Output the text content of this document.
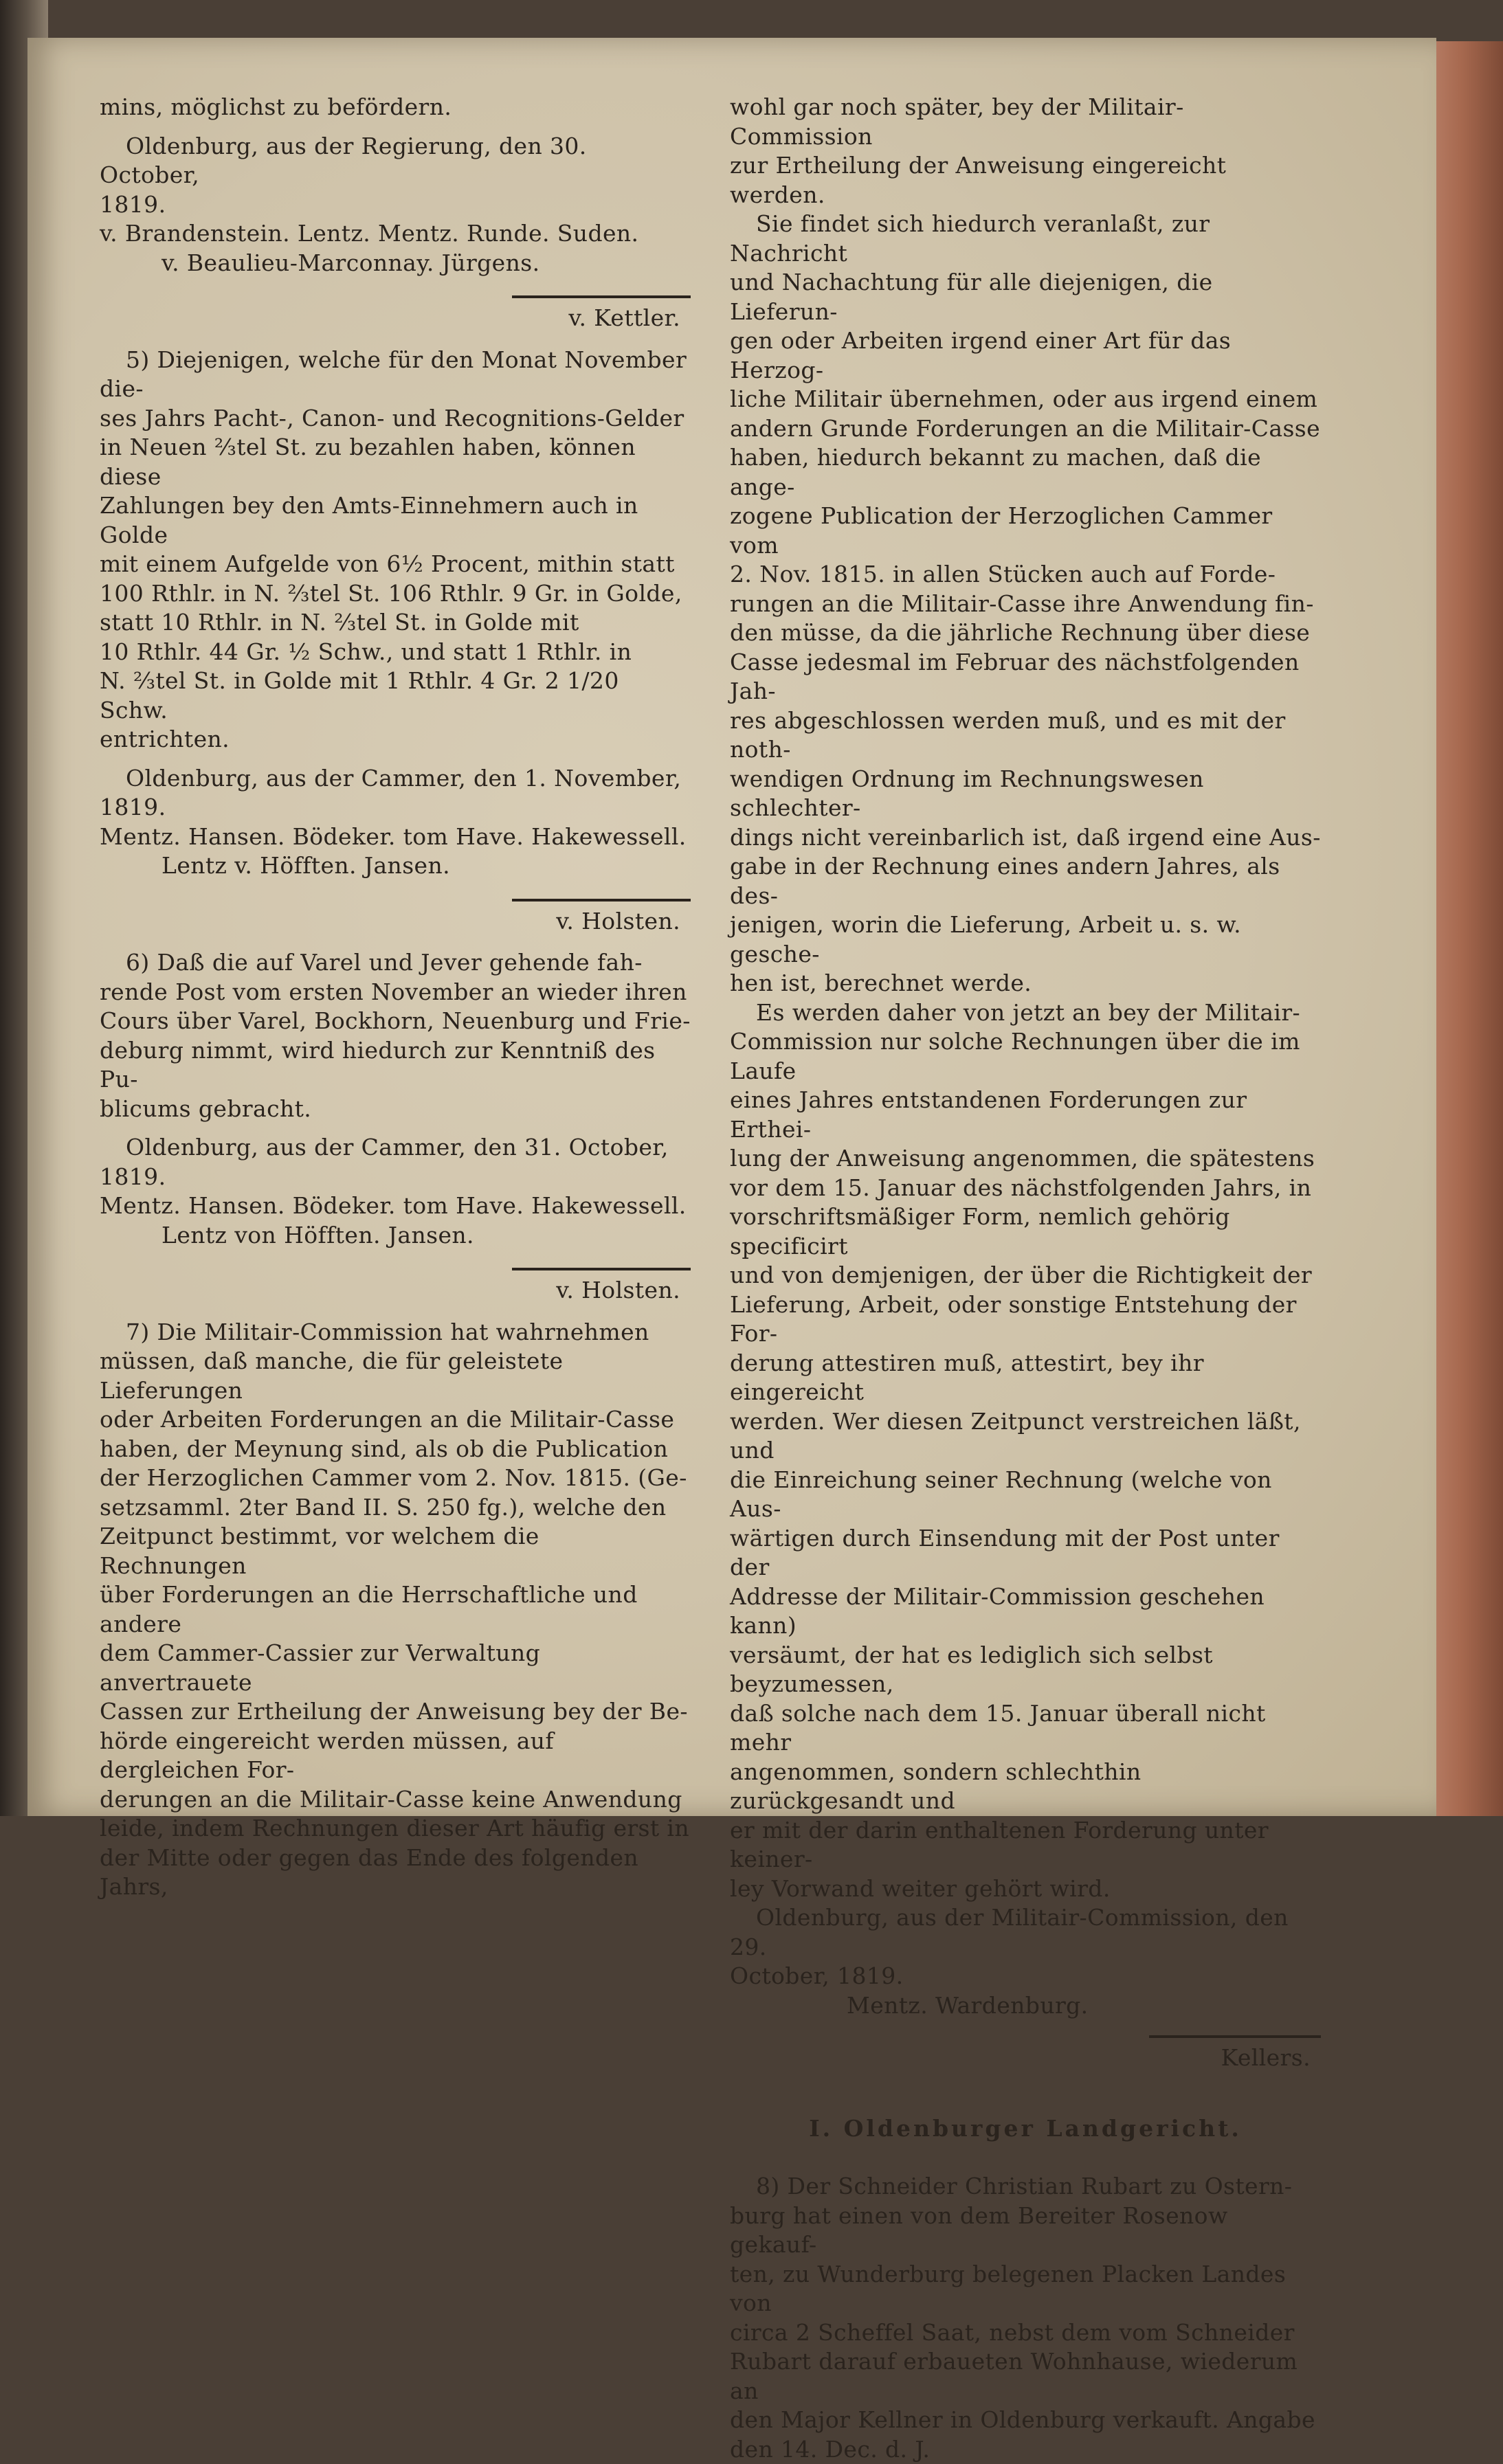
mins, möglichst zu befördern.

Oldenburg, aus der Regierung, den 30. October,

1819.

v. Brandenstein. Lentz. Mentz. Runde. Suden.

v. Beaulieu-Marconnay. Jürgens.

v. Kettler.

5) Diejenigen, welche für den Monat November die-

ses Jahrs Pacht-, Canon- und Recognitions-Gelder

in Neuen ⅔tel St. zu bezahlen haben, können diese

Zahlungen bey den Amts-Einnehmern auch in Golde

mit einem Aufgelde von 6½ Procent, mithin statt

100 Rthlr. in N. ⅔tel St. 106 Rthlr. 9 Gr. in Golde,

statt 10 Rthlr. in N. ⅔tel St. in Golde mit

10 Rthlr. 44 Gr. ½ Schw., und statt 1 Rthlr. in

N. ⅔tel St. in Golde mit 1 Rthlr. 4 Gr. 2 1/20 Schw.

entrichten.

Oldenburg, aus der Cammer, den 1. November,

1819.

Mentz. Hansen. Bödeker. tom Have. Hakewessell.

Lentz v. Höfften. Jansen.

v. Holsten.

6) Daß die auf Varel und Jever gehende fah-

rende Post vom ersten November an wieder ihren

Cours über Varel, Bockhorn, Neuenburg und Frie-

deburg nimmt, wird hiedurch zur Kenntniß des Pu-

blicums gebracht.

Oldenburg, aus der Cammer, den 31. October,

1819.

Mentz. Hansen. Bödeker. tom Have. Hakewessell.

Lentz von Höfften. Jansen.

v. Holsten.

7) Die Militair-Commission hat wahrnehmen

müssen, daß manche, die für geleistete Lieferungen

oder Arbeiten Forderungen an die Militair-Casse

haben, der Meynung sind, als ob die Publication

der Herzoglichen Cammer vom 2. Nov. 1815. (Ge-

setzsamml. 2ter Band II. S. 250 fg.), welche den

Zeitpunct bestimmt, vor welchem die Rechnungen

über Forderungen an die Herrschaftliche und andere

dem Cammer-Cassier zur Verwaltung anvertrauete

Cassen zur Ertheilung der Anweisung bey der Be-

hörde eingereicht werden müssen, auf dergleichen For-

derungen an die Militair-Casse keine Anwendung

leide, indem Rechnungen dieser Art häufig erst in

der Mitte oder gegen das Ende des folgenden Jahrs,

wohl gar noch später, bey der Militair-Commission

zur Ertheilung der Anweisung eingereicht werden.

Sie findet sich hiedurch veranlaßt, zur Nachricht

und Nachachtung für alle diejenigen, die Lieferun-

gen oder Arbeiten irgend einer Art für das Herzog-

liche Militair übernehmen, oder aus irgend einem

andern Grunde Forderungen an die Militair-Casse

haben, hiedurch bekannt zu machen, daß die ange-

zogene Publication der Herzoglichen Cammer vom

2. Nov. 1815. in allen Stücken auch auf Forde-

rungen an die Militair-Casse ihre Anwendung fin-

den müsse, da die jährliche Rechnung über diese

Casse jedesmal im Februar des nächstfolgenden Jah-

res abgeschlossen werden muß, und es mit der noth-

wendigen Ordnung im Rechnungswesen schlechter-

dings nicht vereinbarlich ist, daß irgend eine Aus-

gabe in der Rechnung eines andern Jahres, als des-

jenigen, worin die Lieferung, Arbeit u. s. w. gesche-

hen ist, berechnet werde.

Es werden daher von jetzt an bey der Militair-

Commission nur solche Rechnungen über die im Laufe

eines Jahres entstandenen Forderungen zur Erthei-

lung der Anweisung angenommen, die spätestens

vor dem 15. Januar des nächstfolgenden Jahrs, in

vorschriftsmäßiger Form, nemlich gehörig specificirt

und von demjenigen, der über die Richtigkeit der

Lieferung, Arbeit, oder sonstige Entstehung der For-

derung attestiren muß, attestirt, bey ihr eingereicht

werden. Wer diesen Zeitpunct verstreichen läßt, und

die Einreichung seiner Rechnung (welche von Aus-

wärtigen durch Einsendung mit der Post unter der

Addresse der Militair-Commission geschehen kann)

versäumt, der hat es lediglich sich selbst beyzumessen,

daß solche nach dem 15. Januar überall nicht mehr

angenommen, sondern schlechthin zurückgesandt und

er mit der darin enthaltenen Forderung unter keiner-

ley Vorwand weiter gehört wird.

Oldenburg, aus der Militair-Commission, den 29.

October, 1819.

Mentz. Wardenburg.

Kellers.

I. Oldenburger Landgericht.

8) Der Schneider Christian Rubart zu Ostern-

burg hat einen von dem Bereiter Rosenow gekauf-

ten, zu Wunderburg belegenen Placken Landes von

circa 2 Scheffel Saat, nebst dem vom Schneider

Rubart darauf erbaueten Wohnhause, wiederum an

den Major Kellner in Oldenburg verkauft. Angabe

den 14. Dec. d. J.
